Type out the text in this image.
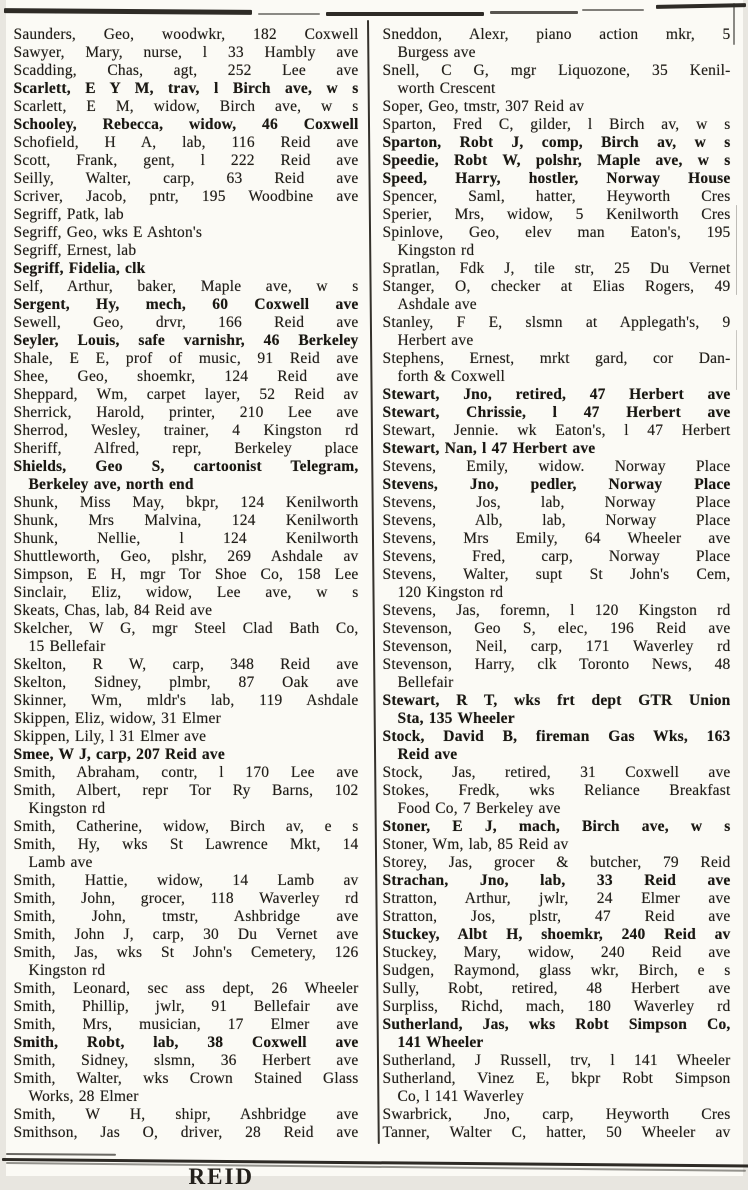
Saunders, Geo, woodwkr, 182 Coxwell
Sawyer, Mary, nurse, l 33 Hambly ave
Scadding, Chas, agt, 252 Lee ave
Scarlett, E Y M, trav, l Birch ave, w s
Scarlett, E M, widow, Birch ave, w s
Schooley, Rebecca, widow, 46 Coxwell
Schofield, H A, lab, 116 Reid ave
Scott, Frank, gent, l 222 Reid ave
Seilly, Walter, carp, 63 Reid ave
Scriver, Jacob, pntr, 195 Woodbine ave
Segriff, Patk, lab
Segriff, Geo, wks E Ashton's
Segriff, Ernest, lab
Segriff, Fidelia, clk
Self, Arthur, baker, Maple ave, w s
Sergent, Hy, mech, 60 Coxwell ave
Sewell, Geo, drvr, 166 Reid ave
Seyler, Louis, safe varnishr, 46 Berkeley
Shale, E E, prof of music, 91 Reid ave
Shee, Geo, shoemkr, 124 Reid ave
Sheppard, Wm, carpet layer, 52 Reid av
Sherrick, Harold, printer, 210 Lee ave
Sherrod, Wesley, trainer, 4 Kingston rd
Sheriff, Alfred, repr, Berkeley place
Shields, Geo S, cartoonist Telegram,
Berkeley ave, north end
Shunk, Miss May, bkpr, 124 Kenilworth
Shunk, Mrs Malvina, 124 Kenilworth
Shunk, Nellie, l 124 Kenilworth
Shuttleworth, Geo, plshr, 269 Ashdale av
Simpson, E H, mgr Tor Shoe Co, 158 Lee
Sinclair, Eliz, widow, Lee ave, w s
Skeats, Chas, lab, 84 Reid ave
Skelcher, W G, mgr Steel Clad Bath Co,
15 Bellefair
Skelton, R W, carp, 348 Reid ave
Skelton, Sidney, plmbr, 87 Oak ave
Skinner, Wm, mldr's lab, 119 Ashdale
Skippen, Eliz, widow, 31 Elmer
Skippen, Lily, l 31 Elmer ave
Smee, W J, carp, 207 Reid ave
Smith, Abraham, contr, l 170 Lee ave
Smith, Albert, repr Tor Ry Barns, 102
Kingston rd
Smith, Catherine, widow, Birch av, e s
Smith, Hy, wks St Lawrence Mkt, 14
Lamb ave
Smith, Hattie, widow, 14 Lamb av
Smith, John, grocer, 118 Waverley rd
Smith, John, tmstr, Ashbridge ave
Smith, John J, carp, 30 Du Vernet ave
Smith, Jas, wks St John's Cemetery, 126
Kingston rd
Smith, Leonard, sec ass dept, 26 Wheeler
Smith, Phillip, jwlr, 91 Bellefair ave
Smith, Mrs, musician, 17 Elmer ave
Smith, Robt, lab, 38 Coxwell ave
Smith, Sidney, slsmn, 36 Herbert ave
Smith, Walter, wks Crown Stained Glass
Works, 28 Elmer
Smith, W H, shipr, Ashbridge ave
Smithson, Jas O, driver, 28 Reid ave
Sneddon, Alexr, piano action mkr, 5
Burgess ave
Snell, C G, mgr Liquozone, 35 Kenil-
worth Crescent
Soper, Geo, tmstr, 307 Reid av
Sparton, Fred C, gilder, l Birch av, w s
Sparton, Robt J, comp, Birch av, w s
Speedie, Robt W, polshr, Maple ave, w s
Speed, Harry, hostler, Norway House
Spencer, Saml, hatter, Heyworth Cres
Sperier, Mrs, widow, 5 Kenilworth Cres
Spinlove, Geo, elev man Eaton's, 195
Kingston rd
Spratlan, Fdk J, tile str, 25 Du Vernet
Stanger, O, checker at Elias Rogers, 49
Ashdale ave
Stanley, F E, slsmn at Applegath's, 9
Herbert ave
Stephens, Ernest, mrkt gard, cor Dan-
forth & Coxwell
Stewart, Jno, retired, 47 Herbert ave
Stewart, Chrissie, l 47 Herbert ave
Stewart, Jennie. wk Eaton's, l 47 Herbert
Stewart, Nan, l 47 Herbert ave
Stevens, Emily, widow. Norway Place
Stevens, Jno, pedler, Norway Place
Stevens, Jos, lab, Norway Place
Stevens, Alb, lab, Norway Place
Stevens, Mrs Emily, 64 Wheeler ave
Stevens, Fred, carp, Norway Place
Stevens, Walter, supt St John's Cem,
120 Kingston rd
Stevens, Jas, foremn, l 120 Kingston rd
Stevenson, Geo S, elec, 196 Reid ave
Stevenson, Neil, carp, 171 Waverley rd
Stevenson, Harry, clk Toronto News, 48
Bellefair
Stewart, R T, wks frt dept GTR Union
Sta, 135 Wheeler
Stock, David B, fireman Gas Wks, 163
Reid ave
Stock, Jas, retired, 31 Coxwell ave
Stokes, Fredk, wks Reliance Breakfast
Food Co, 7 Berkeley ave
Stoner, E J, mach, Birch ave, w s
Stoner, Wm, lab, 85 Reid av
Storey, Jas, grocer & butcher, 79 Reid
Strachan, Jno, lab, 33 Reid ave
Stratton, Arthur, jwlr, 24 Elmer ave
Stratton, Jos, plstr, 47 Reid ave
Stuckey, Albt H, shoemkr, 240 Reid av
Stuckey, Mary, widow, 240 Reid ave
Sudgen, Raymond, glass wkr, Birch, e s
Sully, Robt, retired, 48 Herbert ave
Surpliss, Richd, mach, 180 Waverley rd
Sutherland, Jas, wks Robt Simpson Co,
141 Wheeler
Sutherland, J Russell, trv, l 141 Wheeler
Sutherland, Vinez E, bkpr Robt Simpson
Co, l 141 Waverley
Swarbrick, Jno, carp, Heyworth Cres
Tanner, Walter C, hatter, 50 Wheeler av
REID
